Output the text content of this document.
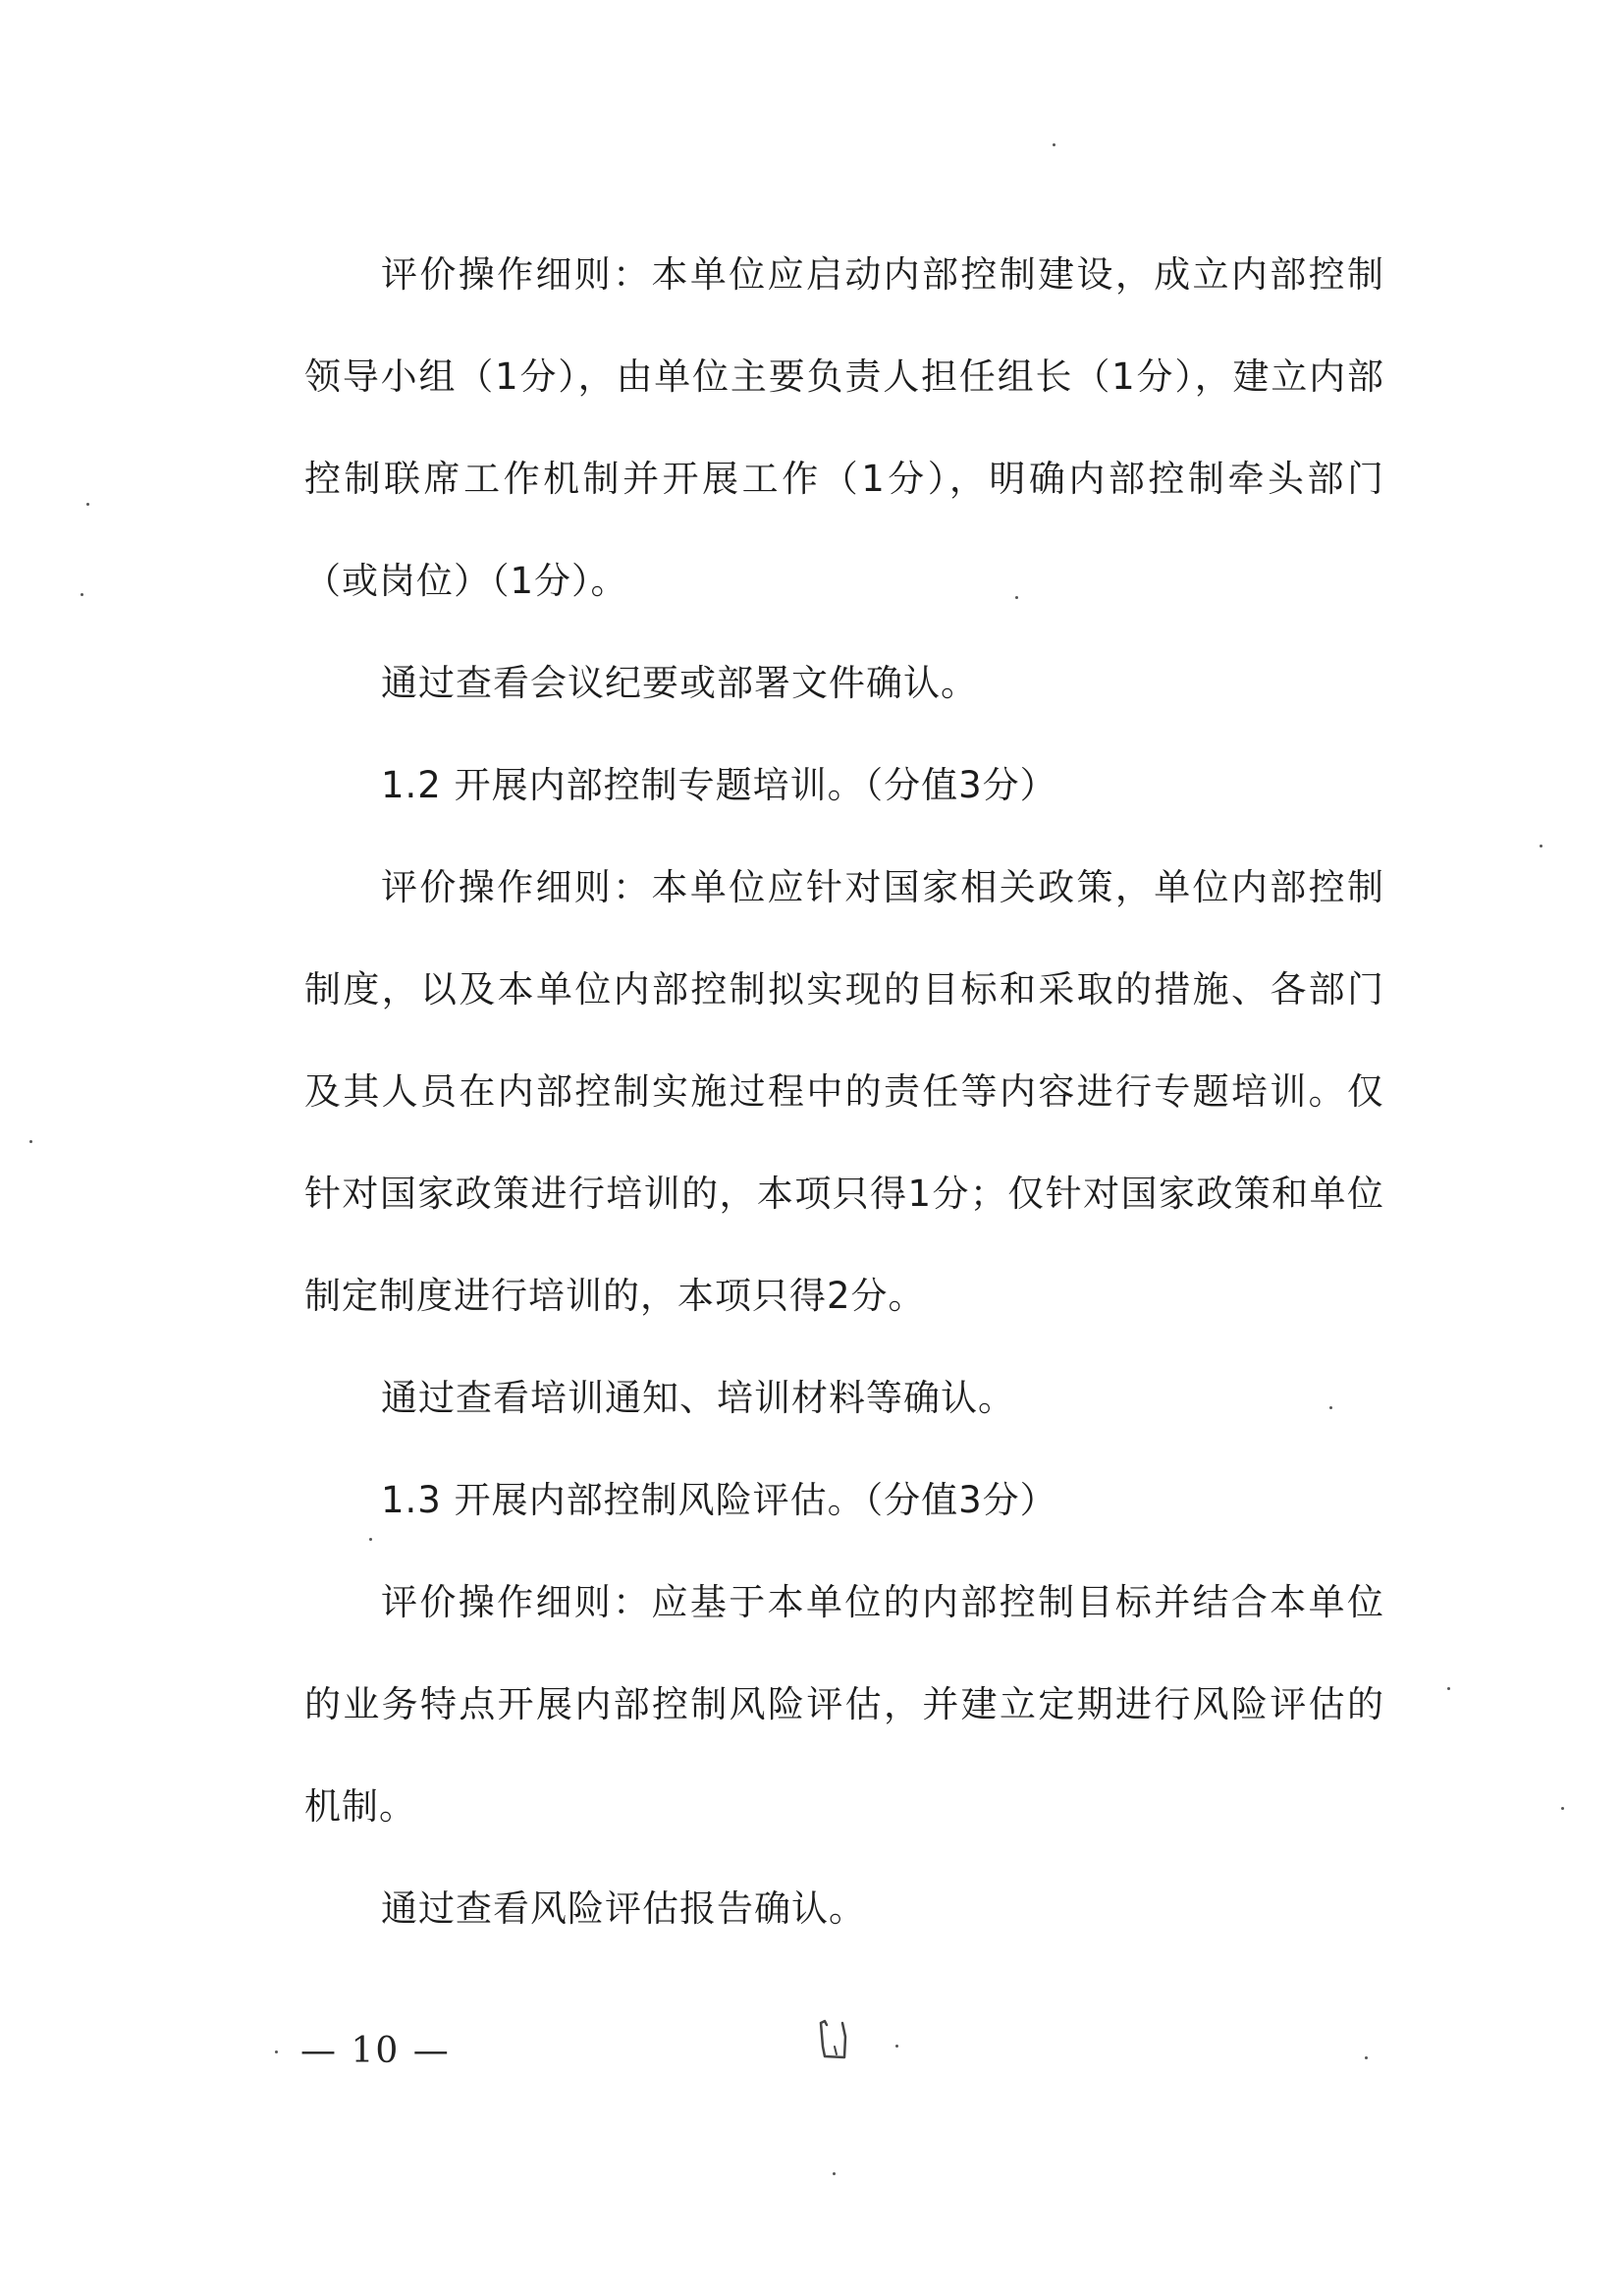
评价操作细则：本单位应启动内部控制建设，成立内部控制领导小组（1分），由单位主要负责人担任组长（1分），建立内部控制联席工作机制并开展工作（1分），明确内部控制牵头部门（或岗位）（1分）。

通过查看会议纪要或部署文件确认。

1.2 开展内部控制专题培训。（分值3分）

评价操作细则：本单位应针对国家相关政策，单位内部控制制度，以及本单位内部控制拟实现的目标和采取的措施、各部门及其人员在内部控制实施过程中的责任等内容进行专题培训。仅针对国家政策进行培训的，本项只得1分；仅针对国家政策和单位制定制度进行培训的，本项只得2分。

通过查看培训通知、培训材料等确认。

1.3 开展内部控制风险评估。（分值3分）

评价操作细则：应基于本单位的内部控制目标并结合本单位的业务特点开展内部控制风险评估，并建立定期进行风险评估的机制。

通过查看风险评估报告确认。

— 10 —
